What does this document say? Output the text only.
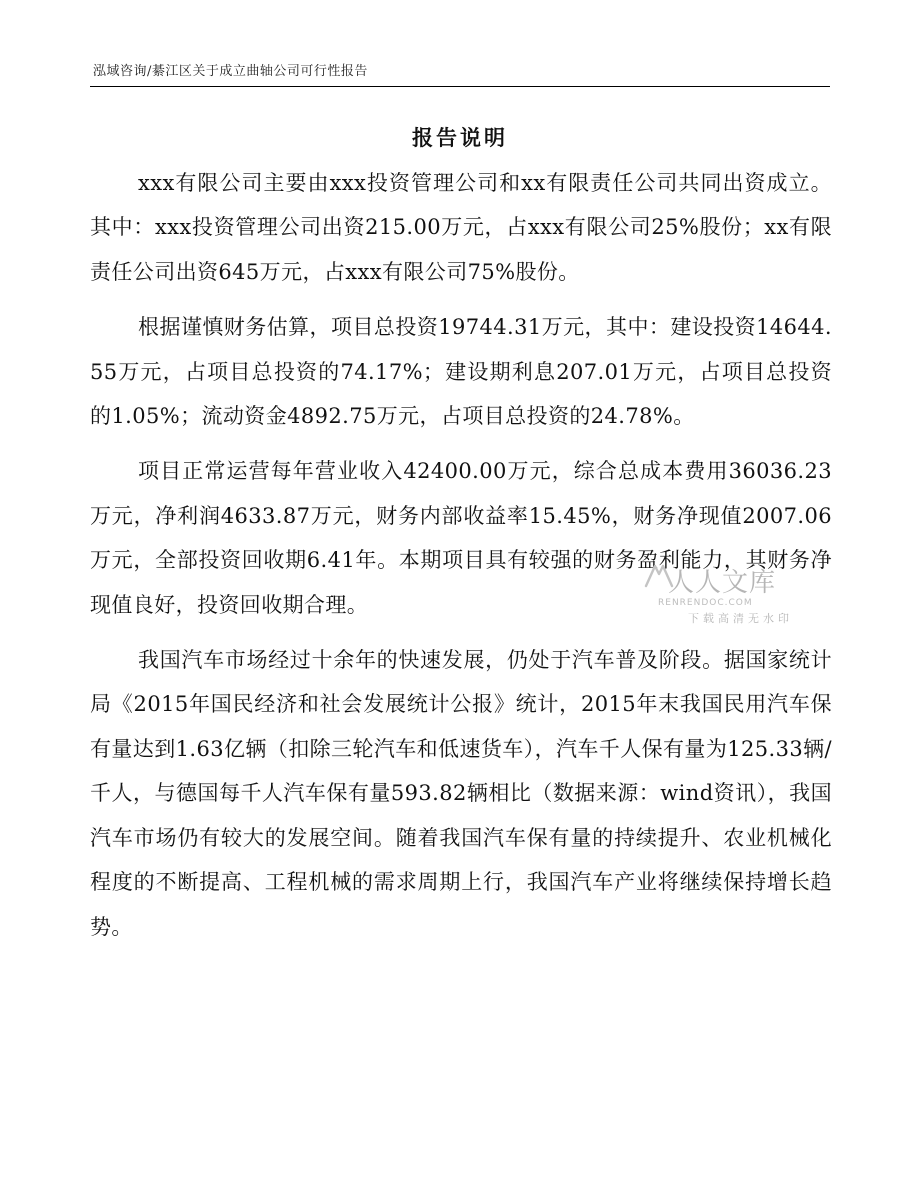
泓域咨询/綦江区关于成立曲轴公司可行性报告
报告说明

xxx有限公司主要由xxx投资管理公司和xx有限责任公司共同出资成立。其中：xxx投资管理公司出资215.00万元，占xxx有限公司25%股份；xx有限责任公司出资645万元，占xxx有限公司75%股份。

根据谨慎财务估算，项目总投资19744.31万元，其中：建设投资14644.55万元，占项目总投资的74.17%；建设期利息207.01万元，占项目总投资的1.05%；流动资金4892.75万元，占项目总投资的24.78%。

项目正常运营每年营业收入42400.00万元，综合总成本费用36036.23万元，净利润4633.87万元，财务内部收益率15.45%，财务净现值2007.06万元，全部投资回收期6.41年。本期项目具有较强的财务盈利能力，其财务净现值良好，投资回收期合理。

我国汽车市场经过十余年的快速发展，仍处于汽车普及阶段。据国家统计局《2015年国民经济和社会发展统计公报》统计，2015年末我国民用汽车保有量达到1.63亿辆（扣除三轮汽车和低速货车），汽车千人保有量为125.33辆/千人，与德国每千人汽车保有量593.82辆相比（数据来源：wind资讯），我国汽车市场仍有较大的发展空间。随着我国汽车保有量的持续提升、农业机械化程度的不断提高、工程机械的需求周期上行，我国汽车产业将继续保持增长趋势。

人人文库
RENRENDOC.COM
下载高清无水印
